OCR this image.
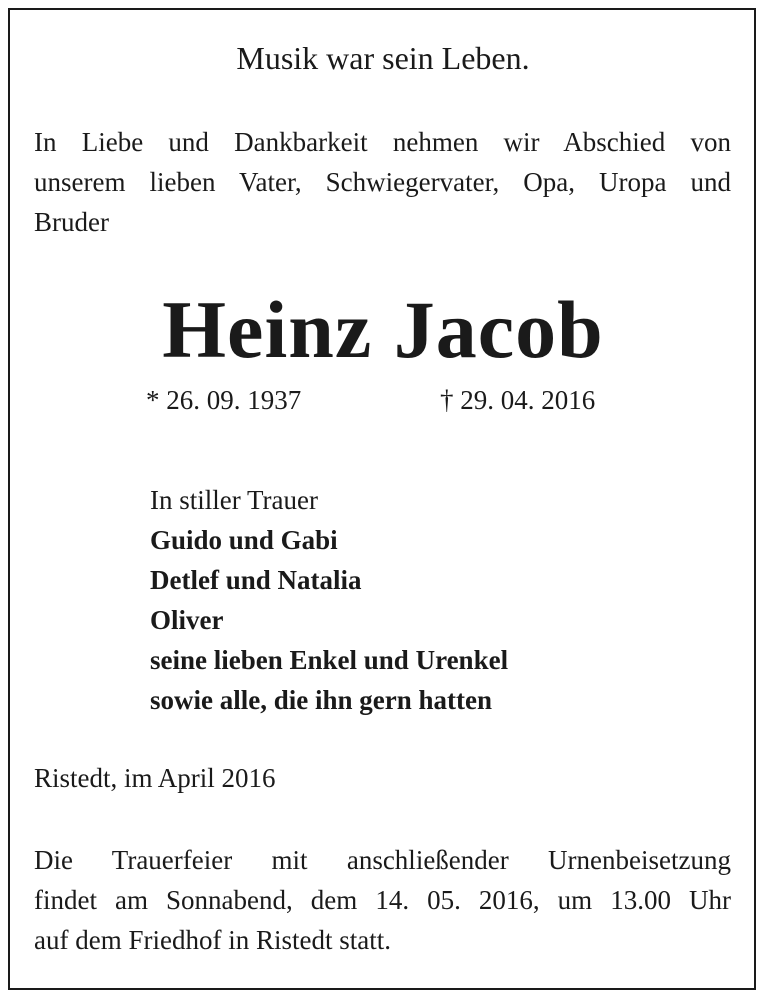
Musik war sein Leben.
In Liebe und Dankbarkeit nehmen wir Abschied von
unserem lieben Vater, Schwiegervater, Opa, Uropa und
Bruder
Heinz Jacob
* 26. 09. 1937	† 29. 04. 2016
In stiller Trauer
Guido und Gabi
Detlef und Natalia
Oliver
seine lieben Enkel und Urenkel
sowie alle, die ihn gern hatten
Ristedt, im April 2016
Die Trauerfeier mit anschließender Urnenbeisetzung
findet am Sonnabend, dem 14. 05. 2016, um 13.00 Uhr
auf dem Friedhof in Ristedt statt.
